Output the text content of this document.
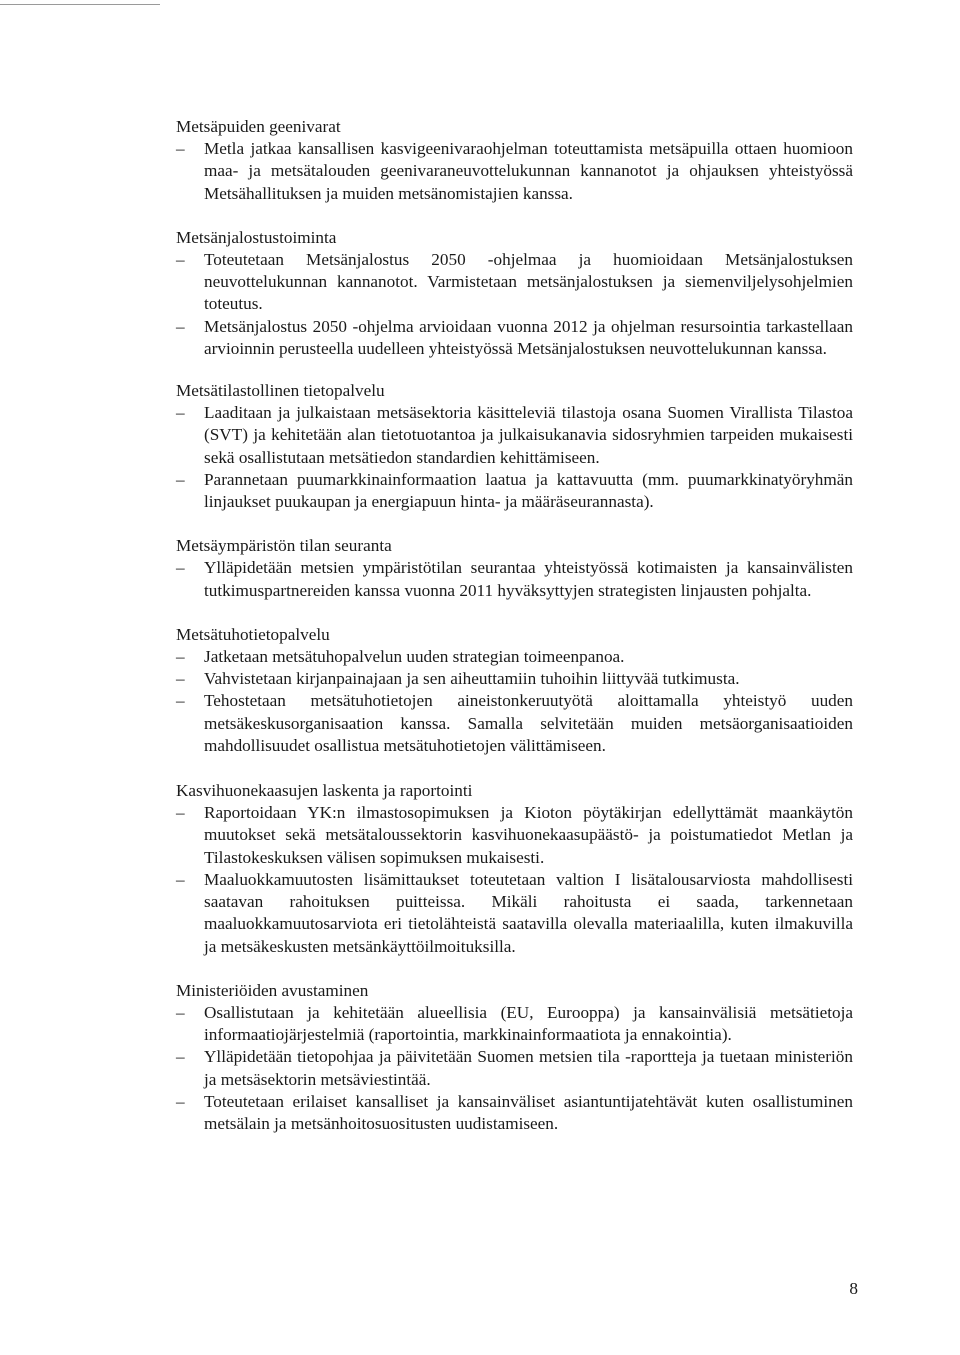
Metsäpuiden geenivarat

– Metla jatkaa kansallisen kasvigeenivaraohjelman toteuttamista metsäpuilla ottaen huomioon maa- ja metsätalouden geenivaraneuvottelukunnan kannanotot ja ohjauksen yhteistyössä Metsähallituksen ja muiden metsänomistajien kanssa.

Metsänjalostustoiminta

– Toteutetaan Metsänjalostus 2050 -ohjelmaa ja huomioidaan Metsänjalostuksen neuvottelukunnan kannanotot. Varmistetaan metsänjalostuksen ja siemenviljelysohjelmien toteutus.
– Metsänjalostus 2050 -ohjelma arvioidaan vuonna 2012 ja ohjelman resursointia tarkastellaan arvioinnin perusteella uudelleen yhteistyössä Metsänjalostuksen neuvottelukunnan kanssa.

Metsätilastollinen tietopalvelu

– Laaditaan ja julkaistaan metsäsektoria käsitteleviä tilastoja osana Suomen Virallista Tilastoa (SVT) ja kehitetään alan tietotuotantoa ja julkaisukanavia sidosryhmien tarpeiden mukaisesti sekä osallistutaan metsätiedon standardien kehittämiseen.
– Parannetaan puumarkkinainformaation laatua ja kattavuutta (mm. puumarkkinatyöryhmän linjaukset puukaupan ja energiapuun hinta- ja määräseurannasta).

Metsäympäristön tilan seuranta

– Ylläpidetään metsien ympäristötilan seurantaa yhteistyössä kotimaisten ja kansainvälisten tutkimuspartnereiden kanssa vuonna 2011 hyväksyttyjen strategisten linjausten pohjalta.

Metsätuhotietopalvelu

– Jatketaan metsätuhopalvelun uuden strategian toimeenpanoa.
– Vahvistetaan kirjanpainajaan ja sen aiheuttamiin tuhoihin liittyvää tutkimusta.
– Tehostetaan metsätuhotietojen aineistonkeruutyötä aloittamalla yhteistyö uuden metsäkeskusorganisaation kanssa. Samalla selvitetään muiden metsäorganisaatioiden mahdollisuudet osallistua metsätuhotietojen välittämiseen.

Kasvihuonekaasujen laskenta ja raportointi

– Raportoidaan YK:n ilmastosopimuksen ja Kioton pöytäkirjan edellyttämät maankäytön muutokset sekä metsätaloussektorin kasvihuonekaasupäästö- ja poistumatiedot Metlan ja Tilastokeskuksen välisen sopimuksen mukaisesti.
– Maaluokkamuutosten lisämittaukset toteutetaan valtion I lisätalousarviosta mahdollisesti saatavan rahoituksen puitteissa. Mikäli rahoitusta ei saada, tarkennetaan maaluokkamuutosarviota eri tietolähteistä saatavilla olevalla materiaalilla, kuten ilmakuvilla ja metsäkeskusten metsänkäyttöilmoituksilla.

Ministeriöiden avustaminen

– Osallistutaan ja kehitetään alueellisia (EU, Eurooppa) ja kansainvälisiä metsätietoja informaatiojärjestelmiä (raportointia, markkinainformaatiota ja ennakointia).
– Ylläpidetään tietopohjaa ja päivitetään Suomen metsien tila -raportteja ja tuetaan ministeriön ja metsäsektorin metsäviestintää.
– Toteutetaan erilaiset kansalliset ja kansainväliset asiantuntijatehtävät kuten osallistuminen metsälain ja metsänhoitosuositusten uudistamiseen.
8
